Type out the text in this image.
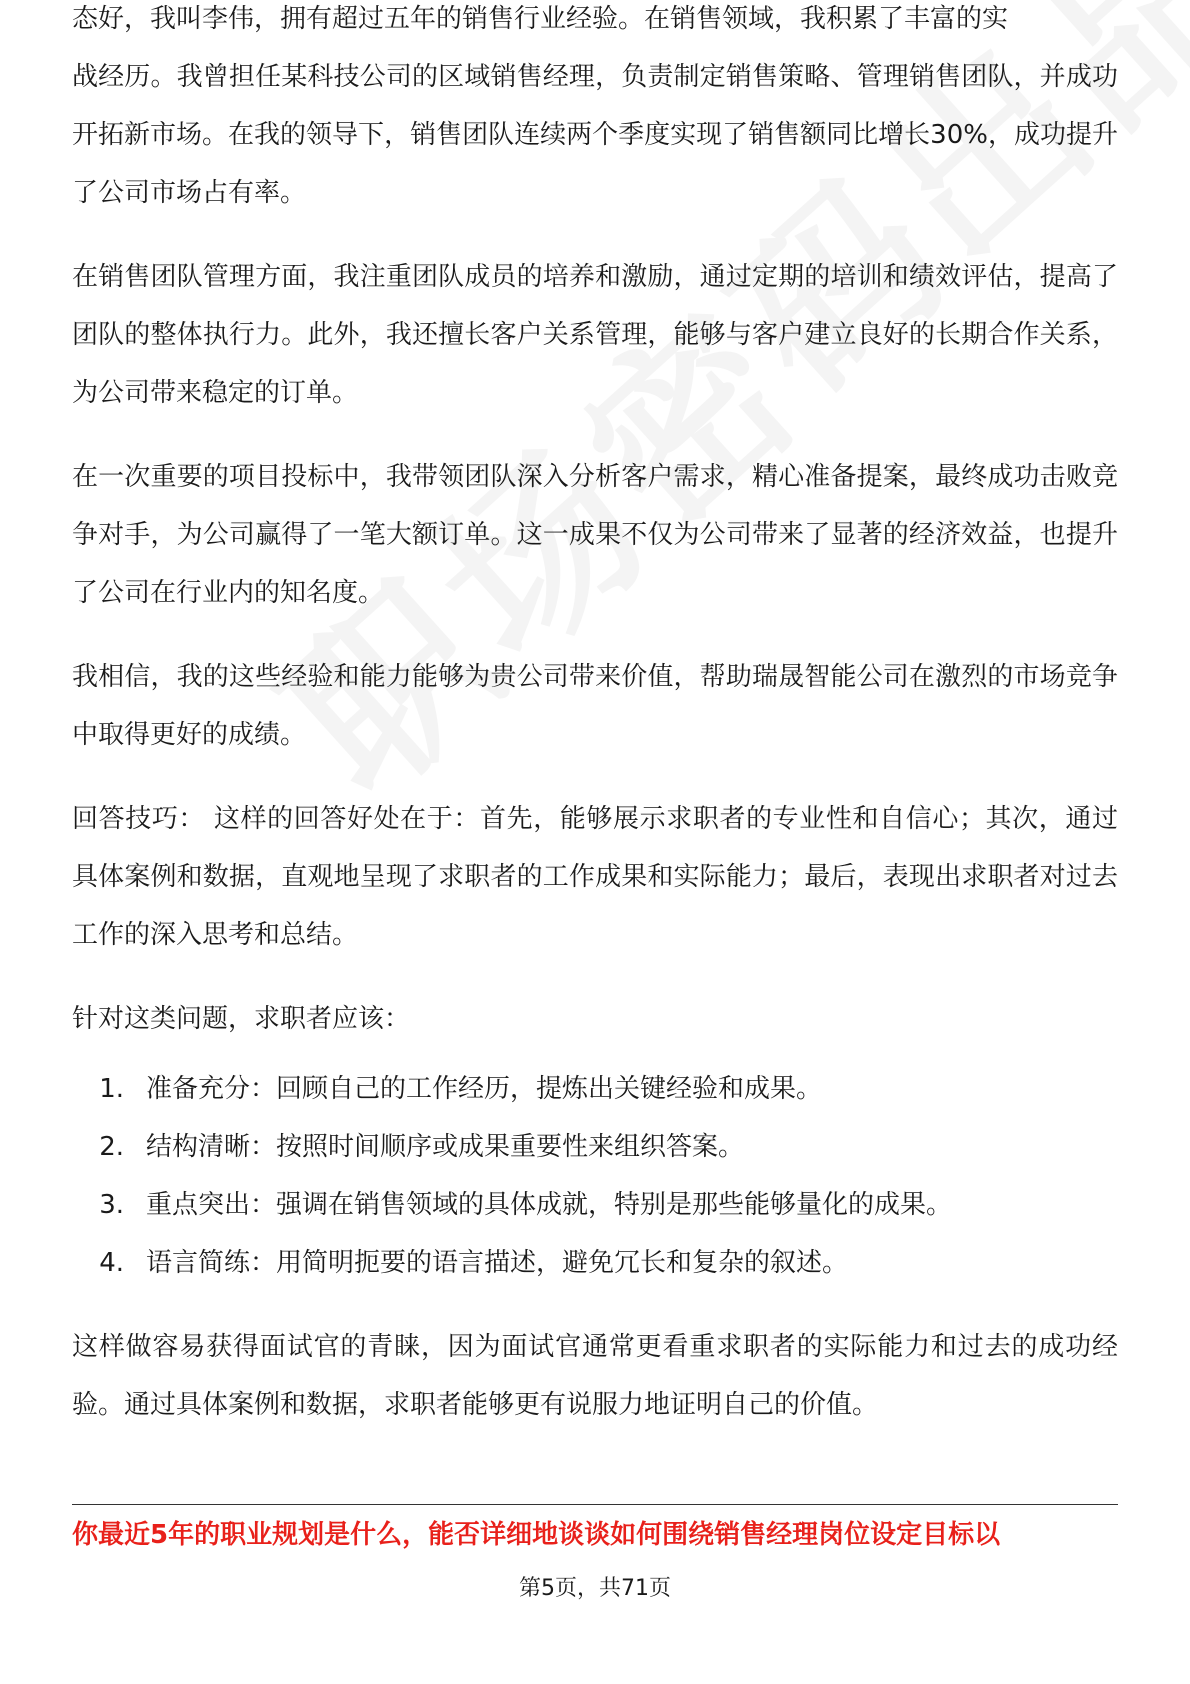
态好，我叫李伟，拥有超过五年的销售行业经验。在销售领域，我积累了丰富的实

战经历。我曾担任某科技公司的区域销售经理，负责制定销售策略、管理销售团队，并成功开拓新市场。在我的领导下，销售团队连续两个季度实现了销售额同比增长30%，成功提升了公司市场占有率。

在销售团队管理方面，我注重团队成员的培养和激励，通过定期的培训和绩效评估，提高了团队的整体执行力。此外，我还擅长客户关系管理，能够与客户建立良好的长期合作关系，为公司带来稳定的订单。

在一次重要的项目投标中，我带领团队深入分析客户需求，精心准备提案，最终成功击败竞争对手，为公司赢得了一笔大额订单。这一成果不仅为公司带来了显著的经济效益，也提升了公司在行业内的知名度。

我相信，我的这些经验和能力能够为贵公司带来价值，帮助瑞晟智能公司在激烈的市场竞争中取得更好的成绩。

回答技巧： 这样的回答好处在于：首先，能够展示求职者的专业性和自信心；其次，通过具体案例和数据，直观地呈现了求职者的工作成果和实际能力；最后，表现出求职者对过去工作的深入思考和总结。

针对这类问题，求职者应该：

1. 准备充分：回顾自己的工作经历，提炼出关键经验和成果。
2. 结构清晰：按照时间顺序或成果重要性来组织答案。
3. 重点突出：强调在销售领域的具体成就，特别是那些能够量化的成果。
4. 语言简练：用简明扼要的语言描述，避免冗长和复杂的叙述。

这样做容易获得面试官的青睐，因为面试官通常更看重求职者的实际能力和过去的成功经验。通过具体案例和数据，求职者能够更有说服力地证明自己的价值。

你最近5年的职业规划是什么，能否详细地谈谈如何围绕销售经理岗位设定目标以
第5页，共71页
